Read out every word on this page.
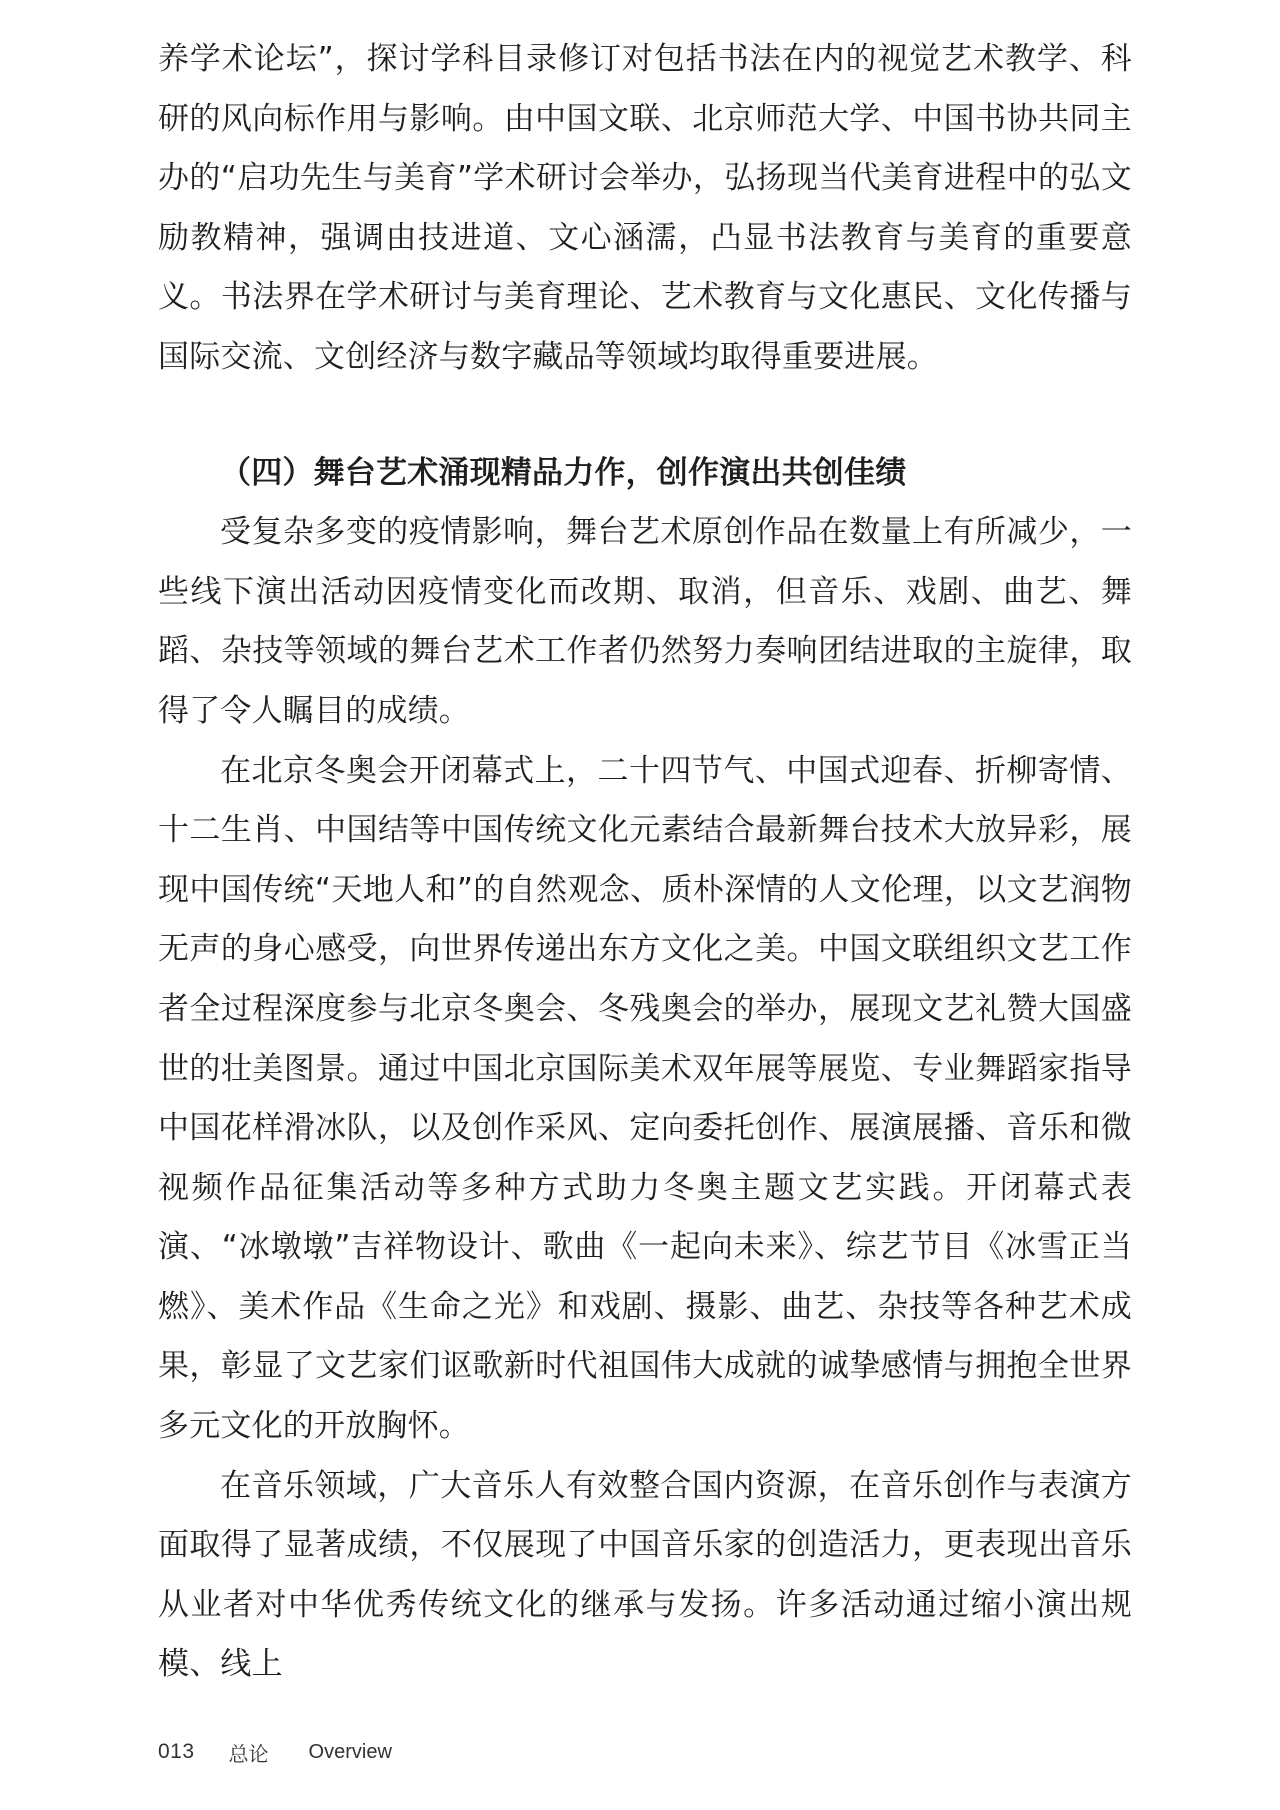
养学术论坛”，探讨学科目录修订对包括书法在内的视觉艺术教学、科研的风向标作用与影响。由中国文联、北京师范大学、中国书协共同主办的“启功先生与美育”学术研讨会举办，弘扬现当代美育进程中的弘文励教精神，强调由技进道、文心涵濡，凸显书法教育与美育的重要意义。书法界在学术研讨与美育理论、艺术教育与文化惠民、文化传播与国际交流、文创经济与数字藏品等领域均取得重要进展。

（四）舞台艺术涌现精品力作，创作演出共创佳绩

受复杂多变的疫情影响，舞台艺术原创作品在数量上有所减少，一些线下演出活动因疫情变化而改期、取消，但音乐、戏剧、曲艺、舞蹈、杂技等领域的舞台艺术工作者仍然努力奏响团结进取的主旋律，取得了令人瞩目的成绩。

在北京冬奥会开闭幕式上，二十四节气、中国式迎春、折柳寄情、十二生肖、中国结等中国传统文化元素结合最新舞台技术大放异彩，展现中国传统“天地人和”的自然观念、质朴深情的人文伦理，以文艺润物无声的身心感受，向世界传递出东方文化之美。中国文联组织文艺工作者全过程深度参与北京冬奥会、冬残奥会的举办，展现文艺礼赞大国盛世的壮美图景。通过中国北京国际美术双年展等展览、专业舞蹈家指导中国花样滑冰队，以及创作采风、定向委托创作、展演展播、音乐和微视频作品征集活动等多种方式助力冬奥主题文艺实践。开闭幕式表演、“冰墩墩”吉祥物设计、歌曲《一起向未来》、综艺节目《冰雪正当燃》、美术作品《生命之光》和戏剧、摄影、曲艺、杂技等各种艺术成果，彰显了文艺家们讴歌新时代祖国伟大成就的诚挚感情与拥抱全世界多元文化的开放胸怀。

在音乐领域，广大音乐人有效整合国内资源，在音乐创作与表演方面取得了显著成绩，不仅展现了中国音乐家的创造活力，更表现出音乐从业者对中华优秀传统文化的继承与发扬。许多活动通过缩小演出规模、线上

013 总论 Overview
